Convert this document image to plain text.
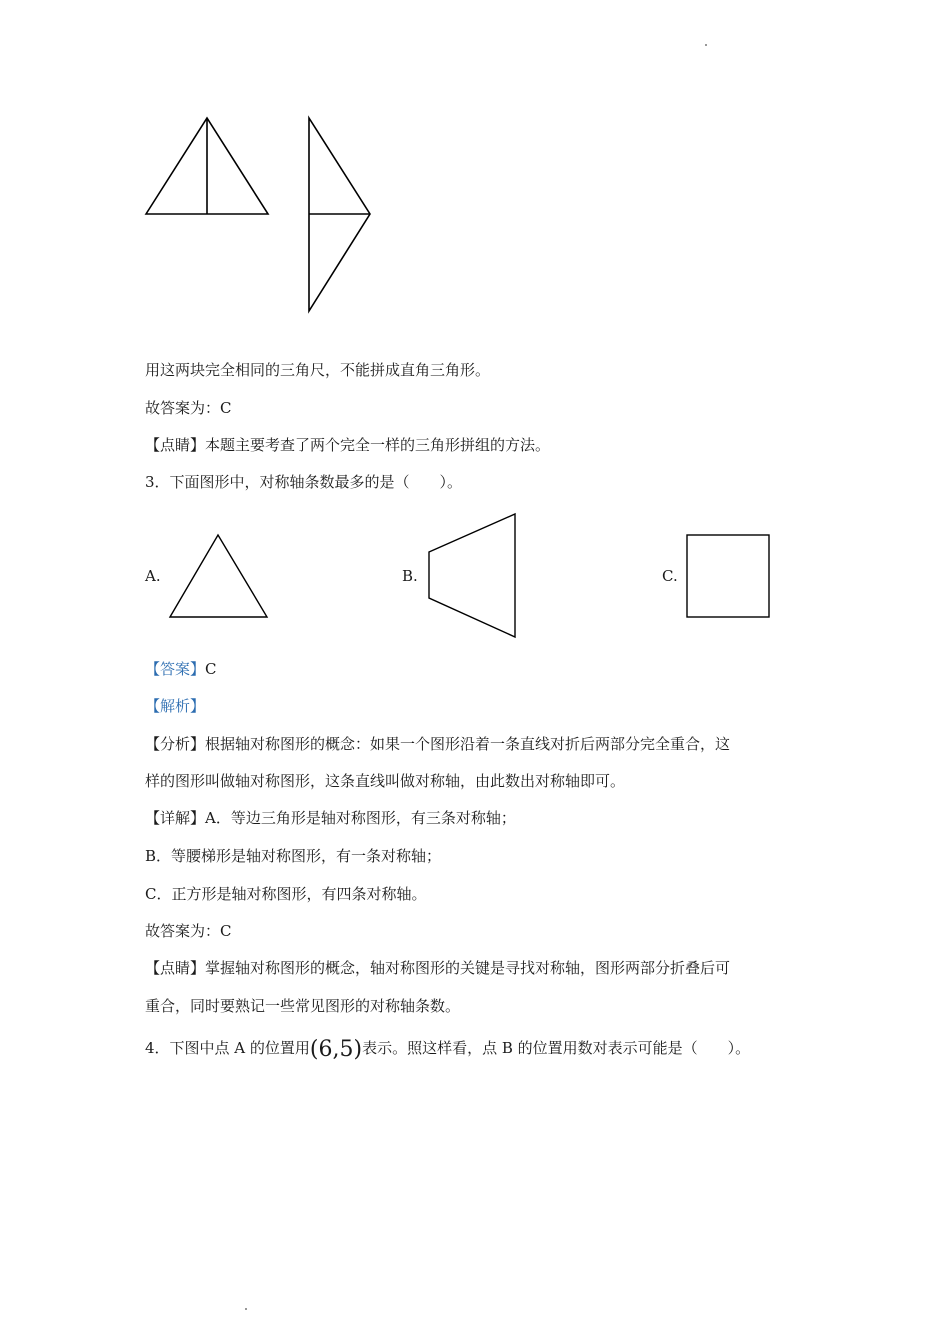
用这两块完全相同的三角尺，不能拼成直角三角形。
故答案为：C
【点睛】本题主要考查了两个完全一样的三角形拼组的方法。
3．下面图形中，对称轴条数最多的是（　　）。
A.	B.	C.
【答案】C
【解析】
【分析】根据轴对称图形的概念：如果一个图形沿着一条直线对折后两部分完全重合，这
样的图形叫做轴对称图形，这条直线叫做对称轴，由此数出对称轴即可。
【详解】A．等边三角形是轴对称图形，有三条对称轴；
B．等腰梯形是轴对称图形，有一条对称轴；
C．正方形是轴对称图形，有四条对称轴。
故答案为：C
【点睛】掌握轴对称图形的概念，轴对称图形的关键是寻找对称轴，图形两部分折叠后可
重合，同时要熟记一些常见图形的对称轴条数。
4．下图中点 A 的位置用(6,5)表示。照这样看，点 B 的位置用数对表示可能是（　　）。
